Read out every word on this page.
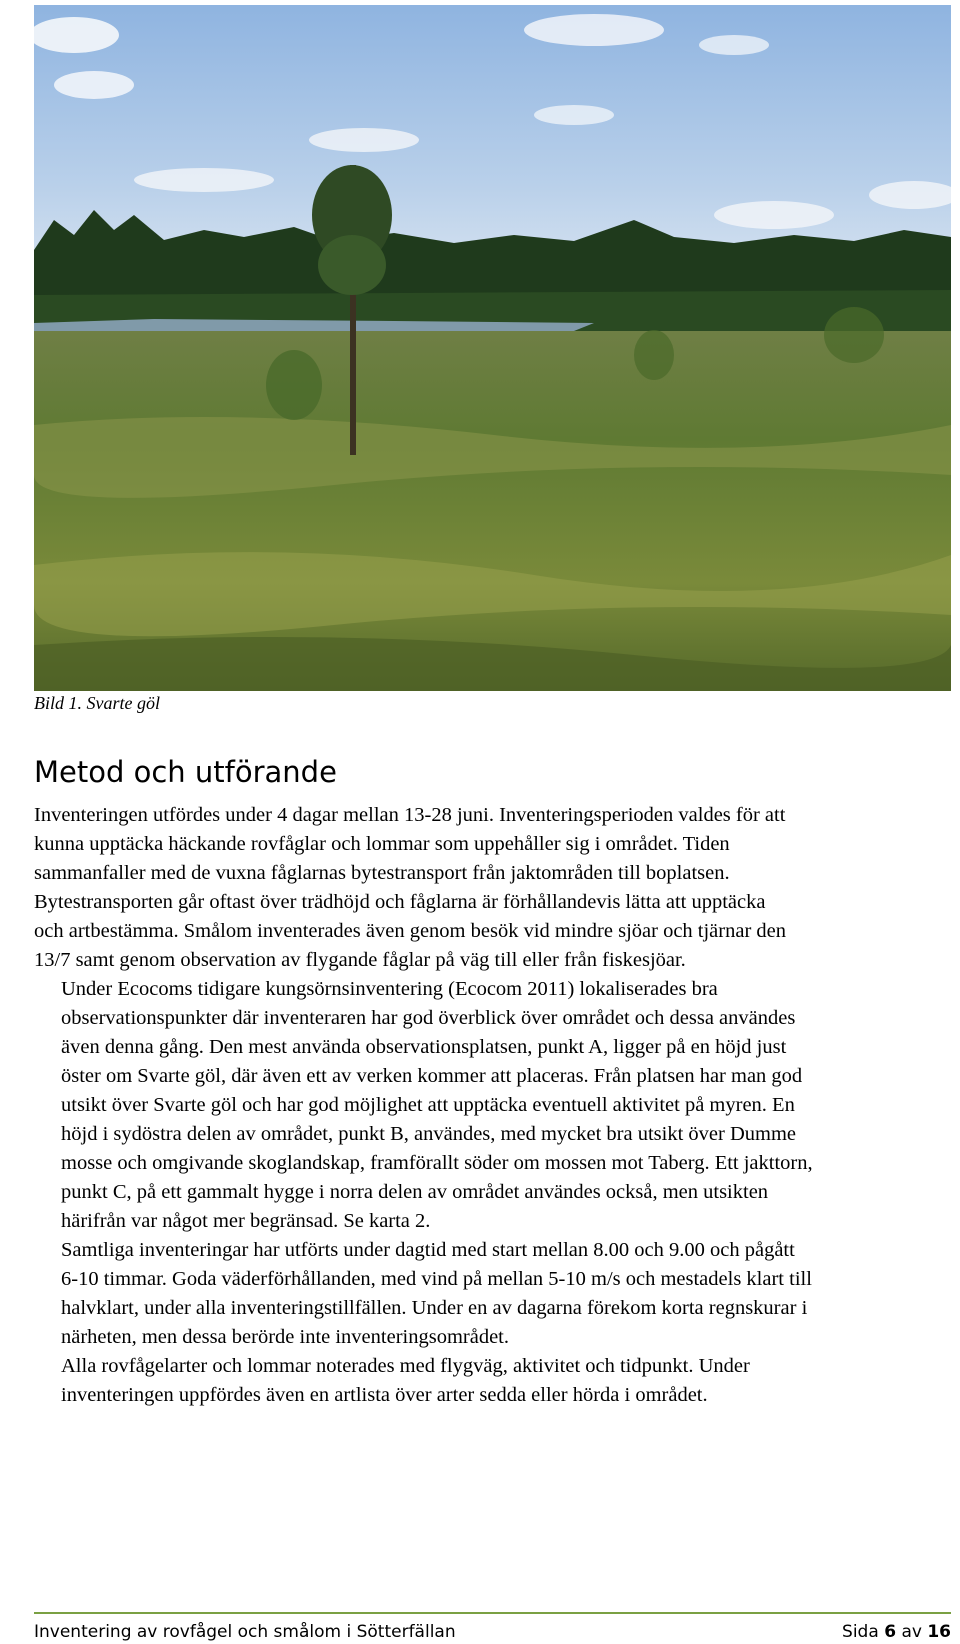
Bild 1. Svarte göl
Metod och utförande

Inventeringen utfördes under 4 dagar mellan 13-28 juni. Inventeringsperioden valdes för att
kunna upptäcka häckande rovfåglar och lommar som uppehåller sig i området. Tiden
sammanfaller med de vuxna fåglarnas bytestransport från jaktområden till boplatsen.
Bytestransporten går oftast över trädhöjd och fåglarna är förhållandevis lätta att upptäcka
och artbestämma. Smålom inventerades även genom besök vid mindre sjöar och tjärnar den
13/7 samt genom observation av flygande fåglar på väg till eller från fiskesjöar.

Under Ecocoms tidigare kungsörnsinventering (Ecocom 2011) lokaliserades bra
observationspunkter där inventeraren har god överblick över området och dessa användes
även denna gång. Den mest använda observationsplatsen, punkt A, ligger på en höjd just
öster om Svarte göl, där även ett av verken kommer att placeras. Från platsen har man god
utsikt över Svarte göl och har god möjlighet att upptäcka eventuell aktivitet på myren. En
höjd i sydöstra delen av området, punkt B, användes, med mycket bra utsikt över Dumme
mosse och omgivande skoglandskap, framförallt söder om mossen mot Taberg. Ett jakttorn,
punkt C, på ett gammalt hygge i norra delen av området användes också, men utsikten
härifrån var något mer begränsad. Se karta 2.

Samtliga inventeringar har utförts under dagtid med start mellan 8.00 och 9.00 och pågått
6-10 timmar. Goda väderförhållanden, med vind på mellan 5-10 m/s och mestadels klart till
halvklart, under alla inventeringstillfällen. Under en av dagarna förekom korta regnskurar i
närheten, men dessa berörde inte inventeringsområdet.

Alla rovfågelarter och lommar noterades med flygväg, aktivitet och tidpunkt. Under
inventeringen uppfördes även en artlista över arter sedda eller hörda i området.

Inventering av rovfågel och smålom i Sötterfällan	Sida 6 av 16
